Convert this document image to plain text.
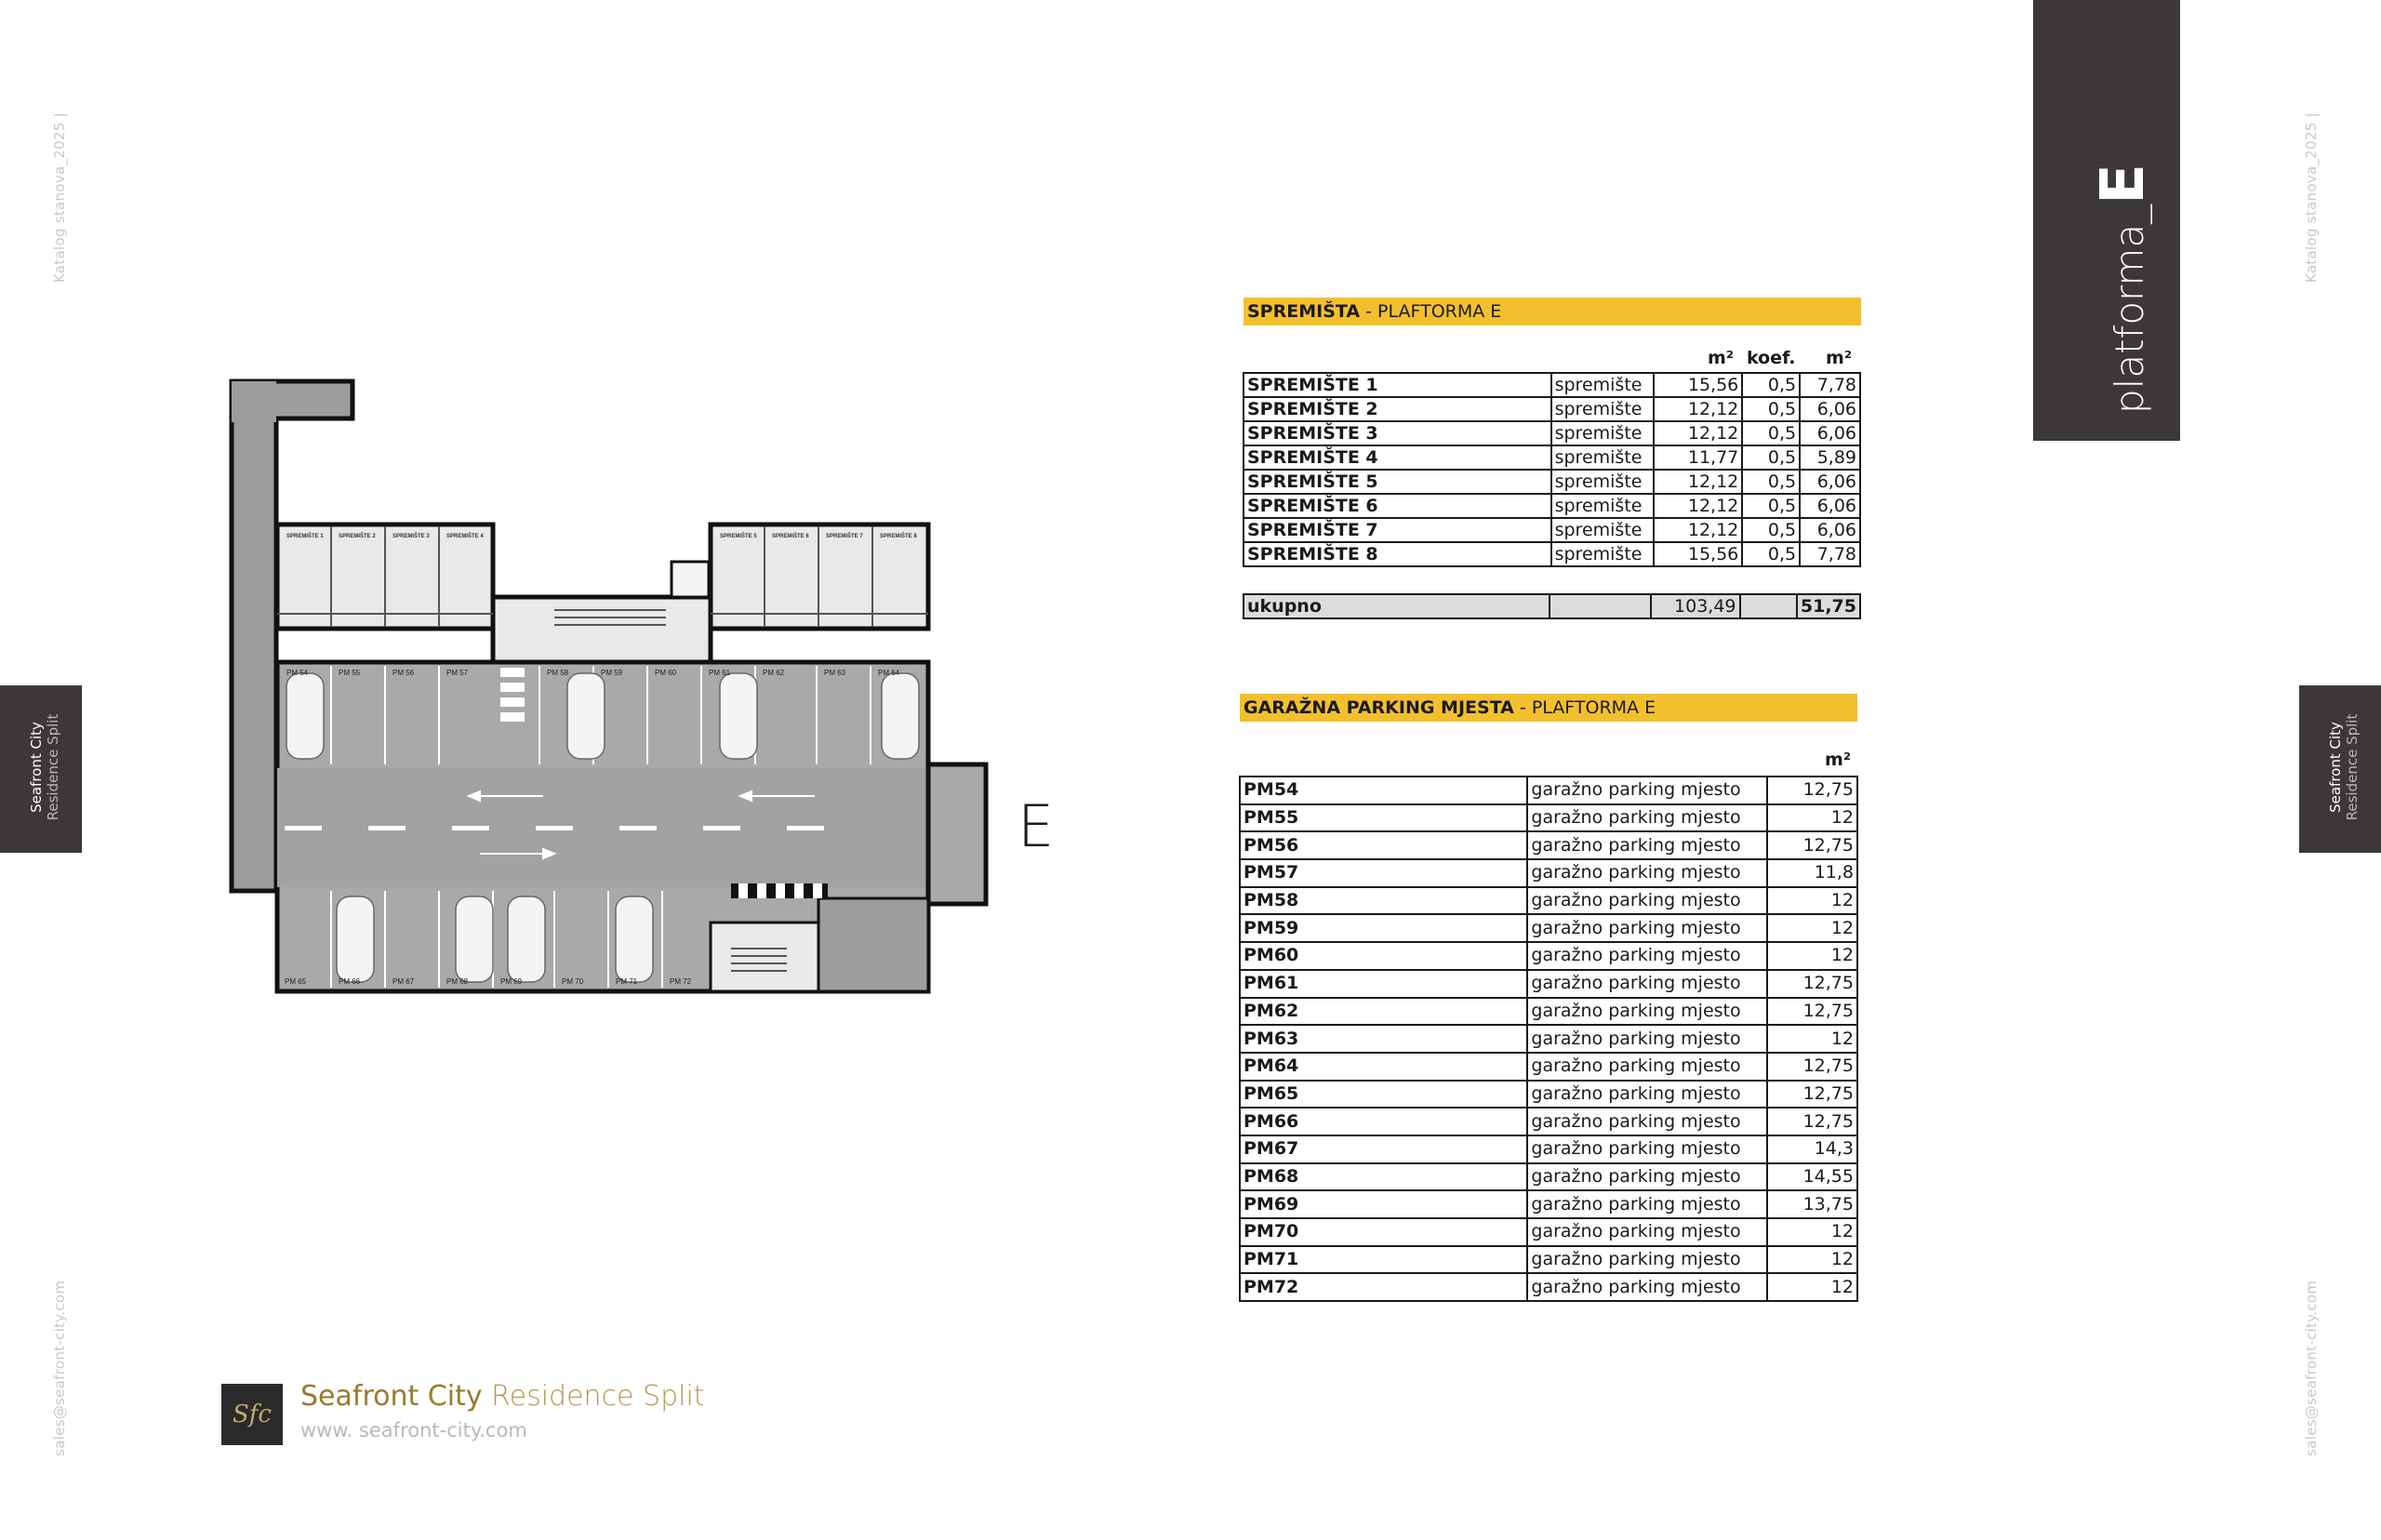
Katalog stanova_2025 |
sales@seafront-city.com
Katalog stanova_2025 |
sales@seafront-city.com
Seafront City Residence Split	Seafront City Residence Split
platforma_E
SPREMIŠTE 1	SPREMIŠTE 2	SPREMIŠTE 3	SPREMIŠTE 4	SPREMIŠTE 5	SPREMIŠTE 6	SPREMIŠTE 7	SPREMIŠTE 8
PM 54	PM 55	PM 56	PM 57	PM 58	PM 59	PM 60	PM 61	PM 62	PM 63	PM 64
PM 65	PM 66	PM 67	PM 68	PM 69	PM 70	PM 71	PM 72
E
SPREMIŠTA - PLAFTORMA E
m² koef. m²
SPREMIŠTE 1	spremište	15,56	0,5	7,78
SPREMIŠTE 2	spremište	12,12	0,5	6,06
SPREMIŠTE 3	spremište	12,12	0,5	6,06
SPREMIŠTE 4	spremište	11,77	0,5	5,89
SPREMIŠTE 5	spremište	12,12	0,5	6,06
SPREMIŠTE 6	spremište	12,12	0,5	6,06
SPREMIŠTE 7	spremište	12,12	0,5	6,06
SPREMIŠTE 8	spremište	15,56	0,5	7,78
ukupno		103,49		51,75
GARAŽNA PARKING MJESTA - PLAFTORMA E
m²
PM54	garažno parking mjesto	12,75
PM55	garažno parking mjesto	12
PM56	garažno parking mjesto	12,75
PM57	garažno parking mjesto	11,8
PM58	garažno parking mjesto	12
PM59	garažno parking mjesto	12
PM60	garažno parking mjesto	12
PM61	garažno parking mjesto	12,75
PM62	garažno parking mjesto	12,75
PM63	garažno parking mjesto	12
PM64	garažno parking mjesto	12,75
PM65	garažno parking mjesto	12,75
PM66	garažno parking mjesto	12,75
PM67	garažno parking mjesto	14,3
PM68	garažno parking mjesto	14,55
PM69	garažno parking mjesto	13,75
PM70	garažno parking mjesto	12
PM71	garažno parking mjesto	12
PM72	garažno parking mjesto	12
Sfc
Seafront City Residence Split
www. seafront-city.com
